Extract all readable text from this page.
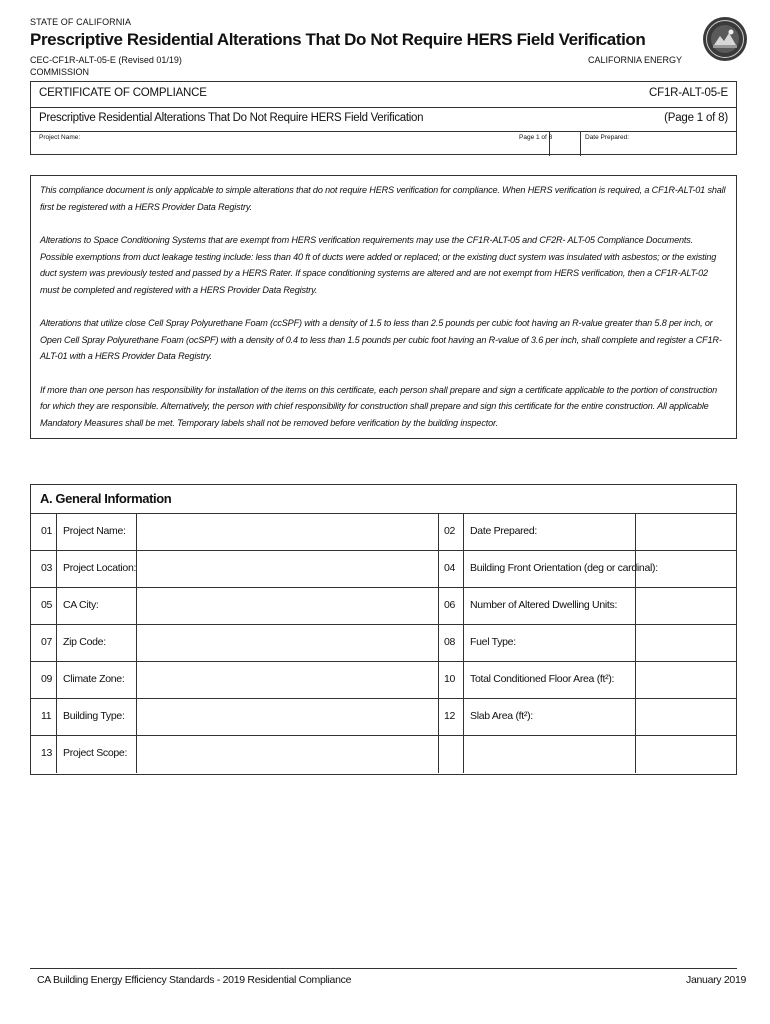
STATE OF CALIFORNIA
Prescriptive Residential Alterations That Do Not Require HERS Field Verification
CEC-CF1R-ALT-05-E (Revised 01/19)
COMMISSION
CALIFORNIA ENERGY
CERTIFICATE OF COMPLIANCE	CF1R-ALT-05-E
Prescriptive Residential Alterations That Do Not Require HERS Field Verification	(Page 1 of 8)
Project Name:	Page 1 of 8	Date Prepared:

This compliance document is only applicable to simple alterations that do not require HERS verification for compliance. When HERS verification is required, a CF1R-ALT-01 shall first be registered with a HERS Provider Data Registry.

Alterations to Space Conditioning Systems that are exempt from HERS verification requirements may use the CF1R-ALT-05 and CF2R- ALT-05 Compliance Documents. Possible exemptions from duct leakage testing include: less than 40 ft of ducts were added or replaced; or the existing duct system was insulated with asbestos; or the existing duct system was previously tested and passed by a HERS Rater. If space conditioning systems are altered and are not exempt from HERS verification, then a CF1R-ALT-02 must be completed and registered with a HERS Provider Data Registry.

Alterations that utilize close Cell Spray Polyurethane Foam (ccSPF) with a density of 1.5 to less than 2.5 pounds per cubic foot having an R-value greater than 5.8 per inch, or Open Cell Spray Polyurethane Foam (ocSPF) with a density of 0.4 to less than 1.5 pounds per cubic foot having an R-value of 3.6 per inch, shall complete and register a CF1R-ALT-01 with a HERS Provider Data Registry.

If more than one person has responsibility for installation of the items on this certificate, each person shall prepare and sign a certificate applicable to the portion of construction for which they are responsible. Alternatively, the person with chief responsibility for construction shall prepare and sign this certificate for the entire construction. All applicable Mandatory Measures shall be met. Temporary labels shall not be removed before verification by the building inspector.

A. General Information
01 Project Name:	02 Date Prepared:
03 Project Location:	04 Building Front Orientation (deg or cardinal):
05 CA City:	06 Number of Altered Dwelling Units:
07 Zip Code:	08 Fuel Type:
09 Climate Zone:	10 Total Conditioned Floor Area (ft²):
11 Building Type:	12 Slab Area (ft²):
13 Project Scope:
CA Building Energy Efficiency Standards - 2019 Residential Compliance	January 2019
